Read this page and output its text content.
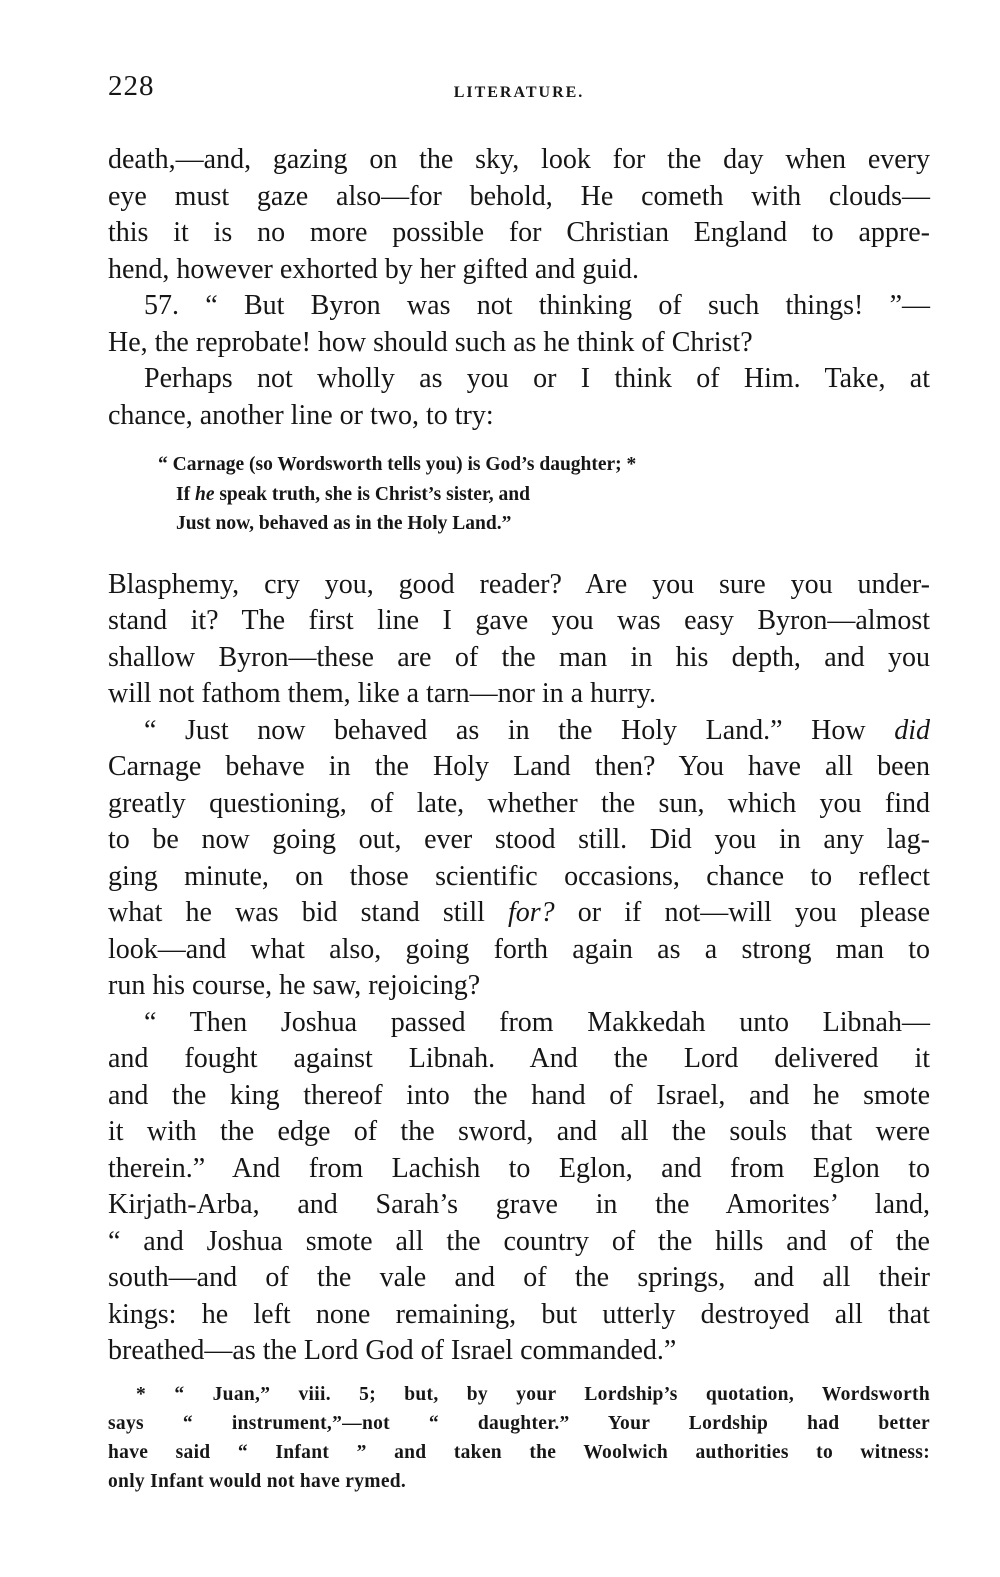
228	LITERATURE.
death,—and, gazing on the sky, look for the day when every
eye must gaze also—for behold, He cometh with clouds—
this it is no more possible for Christian England to appre-
hend, however exhorted by her gifted and guid.
57. “ But Byron was not thinking of such things! ”—
He, the reprobate! how should such as he think of Christ?
Perhaps not wholly as you or I think of Him. Take, at
chance, another line or two, to try:
“ Carnage (so Wordsworth tells you) is God’s daughter; *
If he speak truth, she is Christ’s sister, and
Just now, behaved as in the Holy Land.”
Blasphemy, cry you, good reader? Are you sure you under-
stand it? The first line I gave you was easy Byron—almost
shallow Byron—these are of the man in his depth, and you
will not fathom them, like a tarn—nor in a hurry.
“ Just now behaved as in the Holy Land.” How did
Carnage behave in the Holy Land then? You have all been
greatly questioning, of late, whether the sun, which you find
to be now going out, ever stood still. Did you in any lag-
ging minute, on those scientific occasions, chance to reflect
what he was bid stand still for? or if not—will you please
look—and what also, going forth again as a strong man to
run his course, he saw, rejoicing?
“ Then Joshua passed from Makkedah unto Libnah—
and fought against Libnah. And the Lord delivered it
and the king thereof into the hand of Israel, and he smote
it with the edge of the sword, and all the souls that were
therein.” And from Lachish to Eglon, and from Eglon to
Kirjath-Arba, and Sarah’s grave in the Amorites’ land,
“ and Joshua smote all the country of the hills and of the
south—and of the vale and of the springs, and all their
kings: he left none remaining, but utterly destroyed all that
breathed—as the Lord God of Israel commanded.”
* “ Juan,” viii. 5; but, by your Lordship’s quotation, Wordsworth
says “ instrument,”—not “ daughter.” Your Lordship had better
have said “ Infant ” and taken the Woolwich authorities to witness:
only Infant would not have rymed.
